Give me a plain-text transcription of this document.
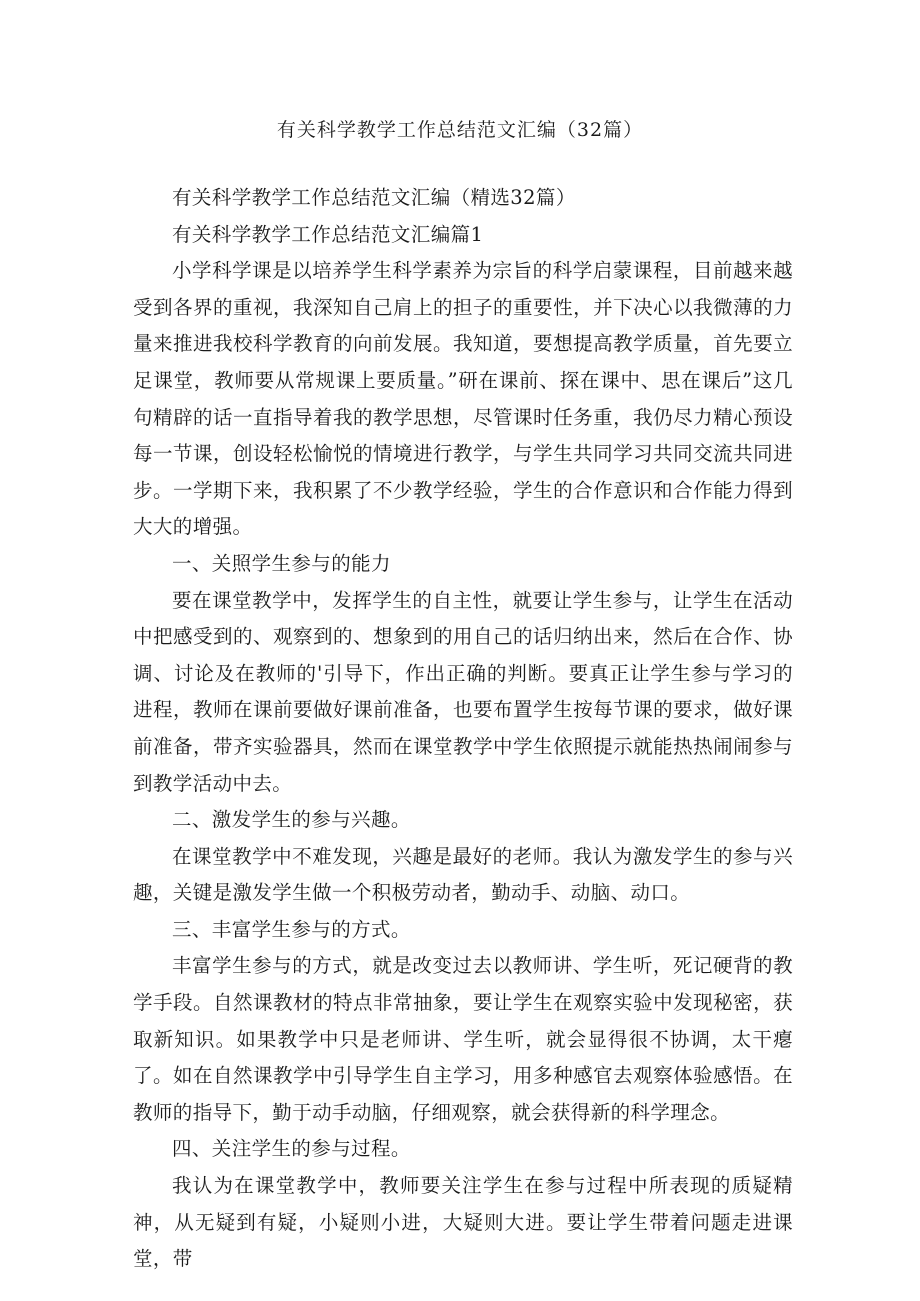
有关科学教学工作总结范文汇编（32篇）

有关科学教学工作总结范文汇编（精选32篇）

有关科学教学工作总结范文汇编篇1

小学科学课是以培养学生科学素养为宗旨的科学启蒙课程，目前越来越受到各界的重视，我深知自己肩上的担子的重要性，并下决心以我微薄的力量来推进我校科学教育的向前发展。我知道，要想提高教学质量，首先要立足课堂，教师要从常规课上要质量。”研在课前、探在课中、思在课后”这几句精辟的话一直指导着我的教学思想，尽管课时任务重，我仍尽力精心预设每一节课，创设轻松愉悦的情境进行教学，与学生共同学习共同交流共同进步。一学期下来，我积累了不少教学经验，学生的合作意识和合作能力得到大大的增强。

一、关照学生参与的能力

要在课堂教学中，发挥学生的自主性，就要让学生参与，让学生在活动中把感受到的、观察到的、想象到的用自己的话归纳出来，然后在合作、协调、讨论及在教师的'引导下，作出正确的判断。要真正让学生参与学习的进程，教师在课前要做好课前准备，也要布置学生按每节课的要求，做好课前准备，带齐实验器具，然而在课堂教学中学生依照提示就能热热闹闹参与到教学活动中去。

二、激发学生的参与兴趣。

在课堂教学中不难发现，兴趣是最好的老师。我认为激发学生的参与兴趣，关键是激发学生做一个积极劳动者，勤动手、动脑、动口。

三、丰富学生参与的方式。

丰富学生参与的方式，就是改变过去以教师讲、学生听，死记硬背的教学手段。自然课教材的特点非常抽象，要让学生在观察实验中发现秘密，获取新知识。如果教学中只是老师讲、学生听，就会显得很不协调，太干瘪了。如在自然课教学中引导学生自主学习，用多种感官去观察体验感悟。在教师的指导下，勤于动手动脑，仔细观察，就会获得新的科学理念。

四、关注学生的参与过程。

我认为在课堂教学中，教师要关注学生在参与过程中所表现的质疑精神，从无疑到有疑，小疑则小进，大疑则大进。要让学生带着问题走进课堂，带
